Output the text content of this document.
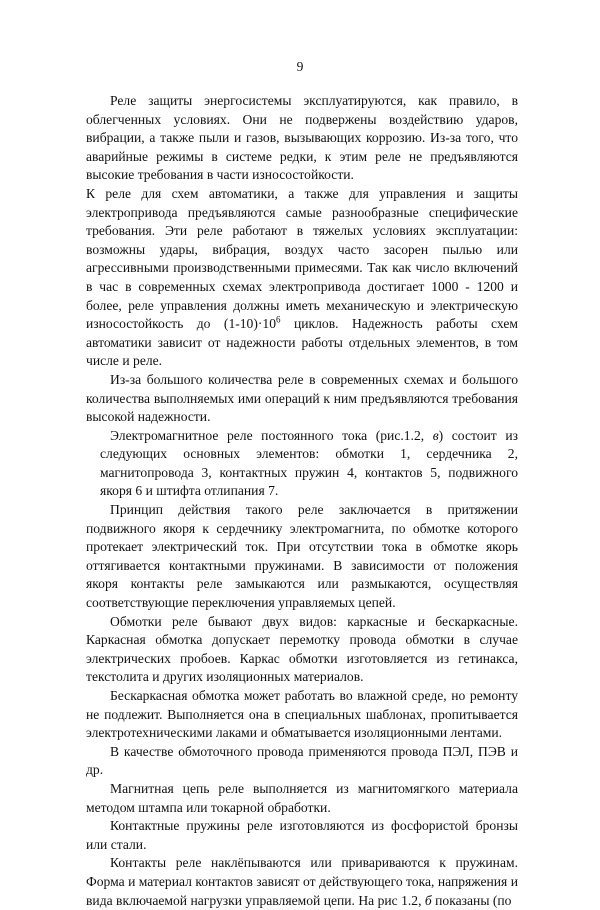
9

Реле защиты энергосистемы эксплуатируются, как правило, в облегченных условиях. Они не подвержены воздействию ударов, вибрации, а также пыли и газов, вызывающих коррозию. Из-за того, что аварийные режимы в системе редки, к этим реле не предъявляются высокие требования в части износостойкости.

К реле для схем автоматики, а также для управления и защиты электропривода предъявляются самые разнообразные специфические требования. Эти реле работают в тяжелых условиях эксплуатации: возможны удары, вибрация, воздух часто засорен пылью или агрессивными производственными примесями. Так как число включений в час в современных схемах электропривода достигает 1000 - 1200 и более, реле управления должны иметь механическую и электрическую износостойкость до $(1-10)\cdot 10^6$ циклов. Надежность работы схем автоматики зависит от надежности работы отдельных элементов, в том числе и реле.

Из-за большого количества реле в современных схемах и большого количества выполняемых ими операций к ним предъявляются требования высокой надежности.

Электромагнитное реле постоянного тока (рис.1.2, в) состоит из следующих основных элементов: обмотки 1, сердечника 2, магнитопровода 3, контактных пружин 4, контактов 5, подвижного якоря 6 и штифта отлипания 7.

Принцип действия такого реле заключается в притяжении подвижного якоря к сердечнику электромагнита, по обмотке которого протекает электрический ток. При отсутствии тока в обмотке якорь оттягивается контактными пружинами. В зависимости от положения якоря контакты реле замыкаются или размыкаются, осуществляя соответствующие переключения управляемых цепей.

Обмотки реле бывают двух видов: каркасные и бескаркасные. Каркасная обмотка допускает перемотку провода обмотки в случае электрических пробоев. Каркас обмотки изготовляется из гетинакса, текстолита и других изоляционных материалов.

Бескаркасная обмотка может работать во влажной среде, но ремонту не подлежит. Выполняется она в специальных шаблонах, пропитывается электротехническими лаками и обматывается изоляционными лентами.

В качестве обмоточного провода применяются провода ПЭЛ, ПЭВ и др.

Магнитная цепь реле выполняется из магнитомягкого материала методом штампа или токарной обработки.

Контактные пружины реле изготовляются из фосфористой бронзы или стали.

Контакты реле наклёпываются или привариваются к пружинам. Форма и материал контактов зависят от действующего тока, напряжения и вида включаемой нагрузки управляемой цепи. На рис 1.2, б показаны (по
